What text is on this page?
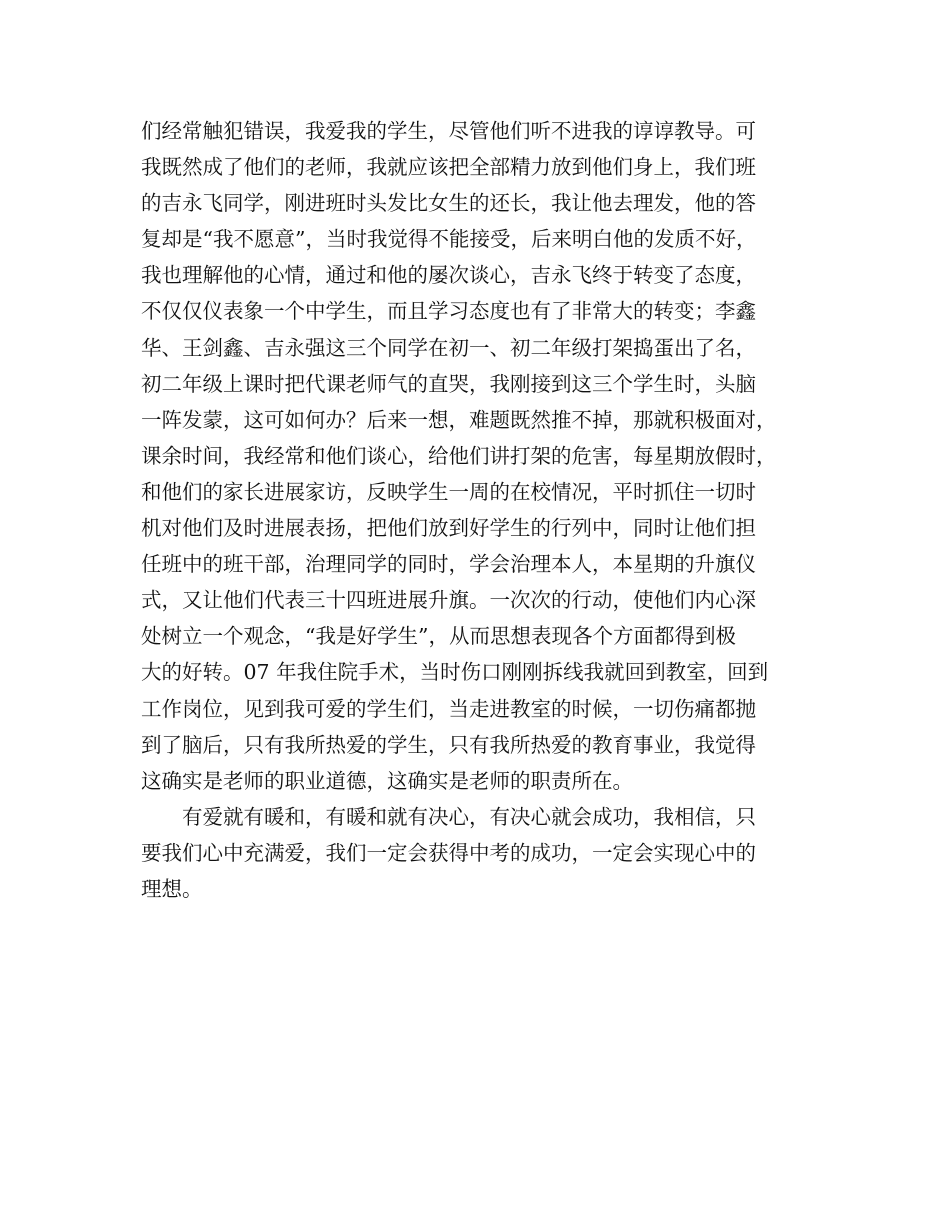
们经常触犯错误，我爱我的学生，尽管他们听不进我的谆谆教导。可
我既然成了他们的老师，我就应该把全部精力放到他们身上，我们班
的吉永飞同学，刚进班时头发比女生的还长，我让他去理发，他的答
复却是“我不愿意”，当时我觉得不能接受，后来明白他的发质不好，
我也理解他的心情，通过和他的屡次谈心，吉永飞终于转变了态度，
不仅仅仪表象一个中学生，而且学习态度也有了非常大的转变；李鑫
华、王剑鑫、吉永强这三个同学在初一、初二年级打架捣蛋出了名，
初二年级上课时把代课老师气的直哭，我刚接到这三个学生时，头脑
一阵发蒙，这可如何办？后来一想，难题既然推不掉，那就积极面对，
课余时间，我经常和他们谈心，给他们讲打架的危害，每星期放假时，
和他们的家长进展家访，反映学生一周的在校情况，平时抓住一切时
机对他们及时进展表扬，把他们放到好学生的行列中，同时让他们担
任班中的班干部，治理同学的同时，学会治理本人，本星期的升旗仪
式，又让他们代表三十四班进展升旗。一次次的行动，使他们内心深
处树立一个观念，“我是好学生”，从而思想表现各个方面都得到极
大的好转。07 年我住院手术，当时伤口刚刚拆线我就回到教室，回到
工作岗位，见到我可爱的学生们，当走进教室的时候，一切伤痛都抛
到了脑后，只有我所热爱的学生，只有我所热爱的教育事业，我觉得
这确实是老师的职业道德，这确实是老师的职责所在。
有爱就有暖和，有暖和就有决心，有决心就会成功，我相信，只
要我们心中充满爱，我们一定会获得中考的成功，一定会实现心中的
理想。
